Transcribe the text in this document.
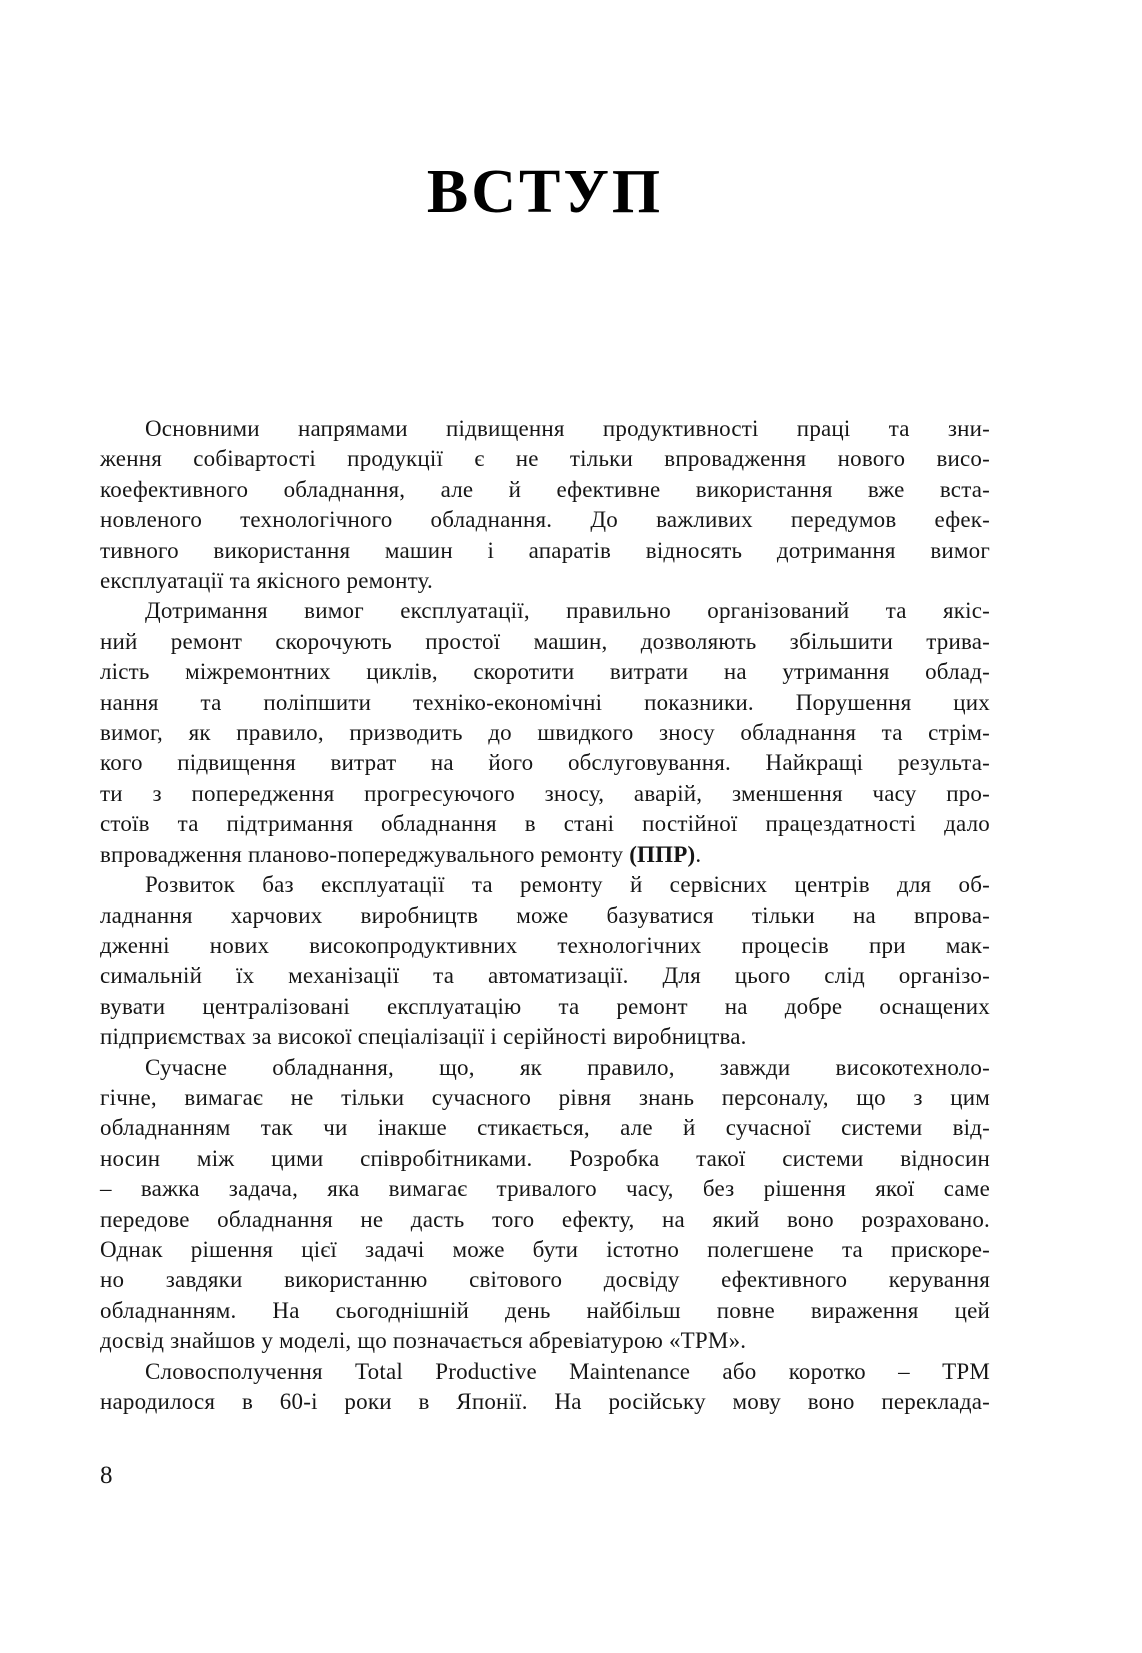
ВСТУП
Основними напрямами підвищення продуктивності праці та зни-
ження собівартості продукції є не тільки впровадження нового висо-
коефективного обладнання, але й ефективне використання вже вста-
новленого технологічного обладнання. До важливих передумов ефек-
тивного використання машин і апаратів відносять дотримання вимог
експлуатації та якісного ремонту.
Дотримання вимог експлуатації, правильно організований та якіс-
ний ремонт скорочують простої машин, дозволяють збільшити трива-
лість міжремонтних циклів, скоротити витрати на утримання облад-
нання та поліпшити техніко-економічні показники. Порушення цих
вимог, як правило, призводить до швидкого зносу обладнання та стрім-
кого підвищення витрат на його обслуговування. Найкращі результа-
ти з попередження прогресуючого зносу, аварій, зменшення часу про-
стоїв та підтримання обладнання в стані постійної працездатності дало
впровадження планово-попереджувального ремонту (ППР).
Розвиток баз експлуатації та ремонту й сервісних центрів для об-
ладнання харчових виробництв може базуватися тільки на впрова-
дженні нових високопродуктивних технологічних процесів при мак-
симальній їх механізації та автоматизації. Для цього слід організо-
вувати централізовані експлуатацію та ремонт на добре оснащених
підприємствах за високої спеціалізації і серійності виробництва.
Сучасне обладнання, що, як правило, завжди високотехноло-
гічне, вимагає не тільки сучасного рівня знань персоналу, що з цим
обладнанням так чи інакше стикається, але й сучасної системи від-
носин між цими співробітниками. Розробка такої системи відносин
– важка задача, яка вимагає тривалого часу, без рішення якої саме
передове обладнання не дасть того ефекту, на який воно розраховано.
Однак рішення цієї задачі може бути істотно полегшене та прискоре-
но завдяки використанню світового досвіду ефективного керування
обладнанням. На сьогоднішній день найбільш повне вираження цей
досвід знайшов у моделі, що позначається абревіатурою «ТРМ».
Словосполучення Total Productive Maintenance або коротко – ТРМ
народилося в 60-і роки в Японії. На російську мову воно переклада-
8
